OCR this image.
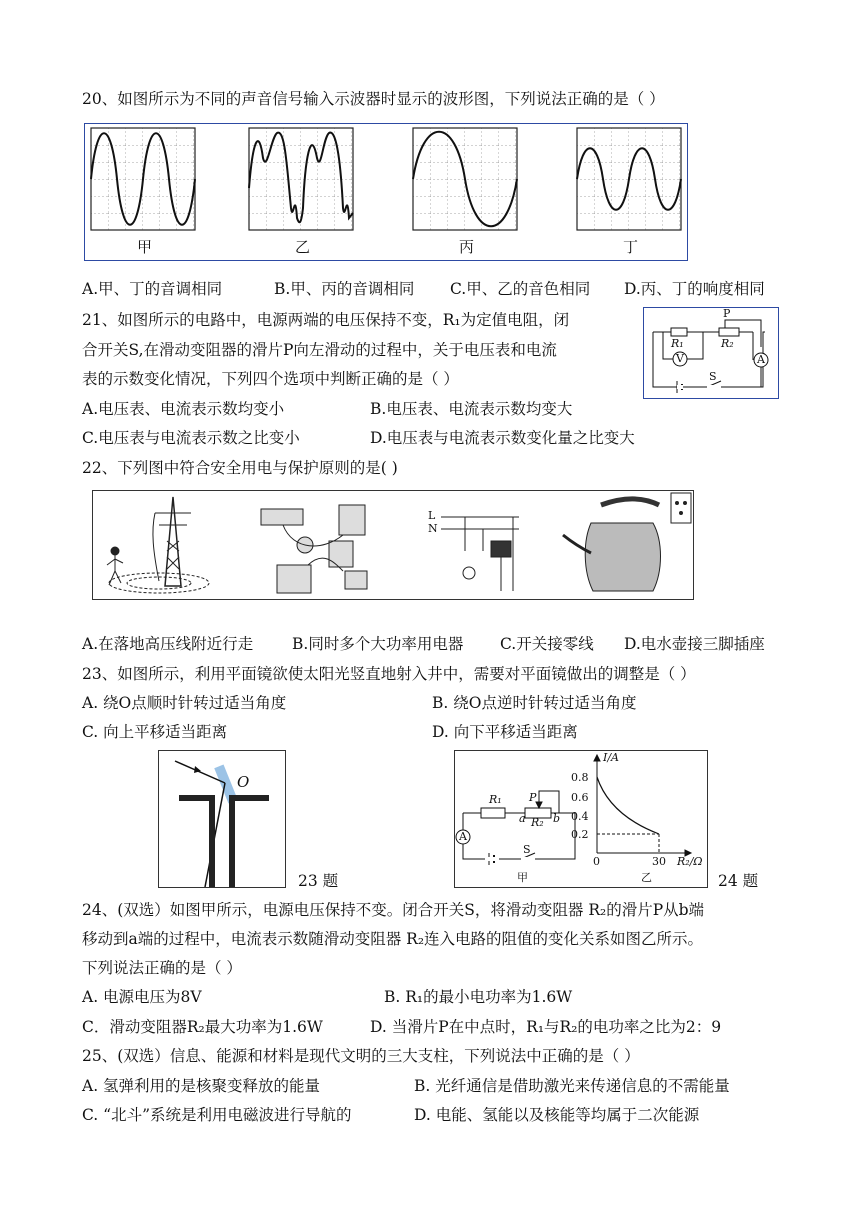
20、如图所示为不同的声音信号输入示波器时显示的波形图，下列说法正确的是（ ）
甲	乙	丙	丁
A.甲、丁的音调相同	B.甲、丙的音调相同 C.甲、乙的音色相同 D.丙、丁的响度相同
21、如图所示的电路中，电源两端的电压保持不变，R₁为定值电阻，闭
合开关S,在滑动变阻器的滑片P向左滑动的过程中，关于电压表和电流
表的示数变化情况，下列四个选项中判断正确的是（ ）
P
R₁	R₂
V	A
S
A.电压表、电流表示数均变小	B.电压表、电流表示数均变大
C.电压表与电流表示数之比变小	D.电压表与电流表示数变化量之比变大
22、下列图中符合安全用电与保护原则的是( )
L
N
A.在落地高压线附近行走	B.同时多个大功率用电器 C.开关接零线 D.电水壶接三脚插座
23、如图所示，利用平面镜欲使太阳光竖直地射入井中，需要对平面镜做出的调整是（ ）
A. 绕O点顺时针转过适当角度	B. 绕O点逆时针转过适当角度
C. 向上平移适当距离	D. 向下平移适当距离
O
23 题
R₁ P
a R₂ b
A
S
甲
I/A
0.8
0.6
0.4
0.2
0	30 R₂/Ω
乙	24 题
24、(双选）如图甲所示，电源电压保持不变。闭合开关S，将滑动变阻器 R₂的滑片P从b端
移动到a端的过程中，电流表示数随滑动变阻器 R₂连入电路的阻值的变化关系如图乙所示。
下列说法正确的是（ ）
A. 电源电压为8V	B. R₁的最小电功率为1.6W
C．滑动变阻器R₂最大功率为1.6W	D. 当滑片P在中点时，R₁与R₂的电功率之比为2：9
25、(双选）信息、能源和材料是现代文明的三大支柱，下列说法中正确的是（ ）
A. 氢弹利用的是核聚变释放的能量	B. 光纤通信是借助激光来传递信息的不需能量
C. “北斗”系统是利用电磁波进行导航的	D. 电能、氢能以及核能等均属于二次能源
